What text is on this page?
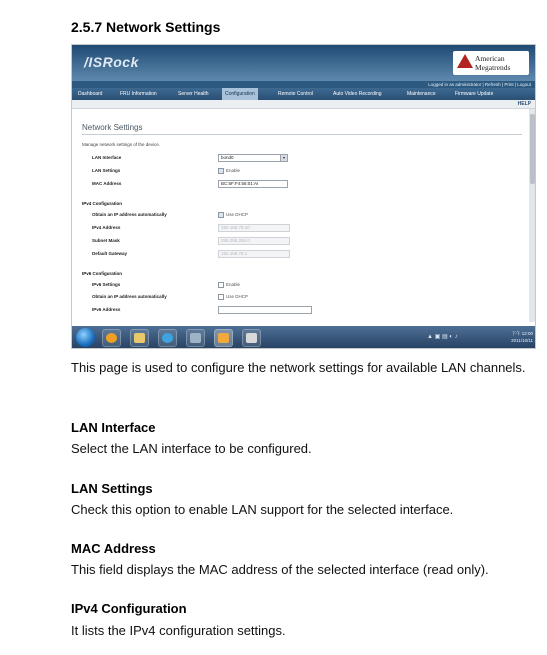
2.5.7 Network Settings
/ISRock	American
Megatrends
Logged in as administrator | Refresh | Print | Logout
Dashboard	FRU Information	Server Health	Configuration	Remote Control	Auto Video Recording	Maintenance	Firmware Update
HELP
Network Settings
Manage network settings of the device.
LAN Interface	bond0	▾
LAN Settings	Enable
MAC Address	BC:5F:F4:56:01:AI
IPv4 Configuration
Obtain an IP address automatically	Use DHCP
IPv4 Address	192.168.78.40
Subnet Mask	255.255.255.0
Default Gateway	192.168.78.1
IPv6 Configuration
IPv6 Settings	Enable
Obtain an IP address automatically	Use DHCP
IPv6 Address
▲ ▣ ▤ ◐ ♪
下午 12:00
2011/10/11
This page is used to configure the network settings for available LAN channels.
LAN Interface
Select the LAN interface to be configured.
LAN Settings
Check this option to enable LAN support for the selected interface.
MAC Address
This field displays the MAC address of the selected interface (read only).
IPv4 Configuration
It lists the IPv4 configuration settings.
